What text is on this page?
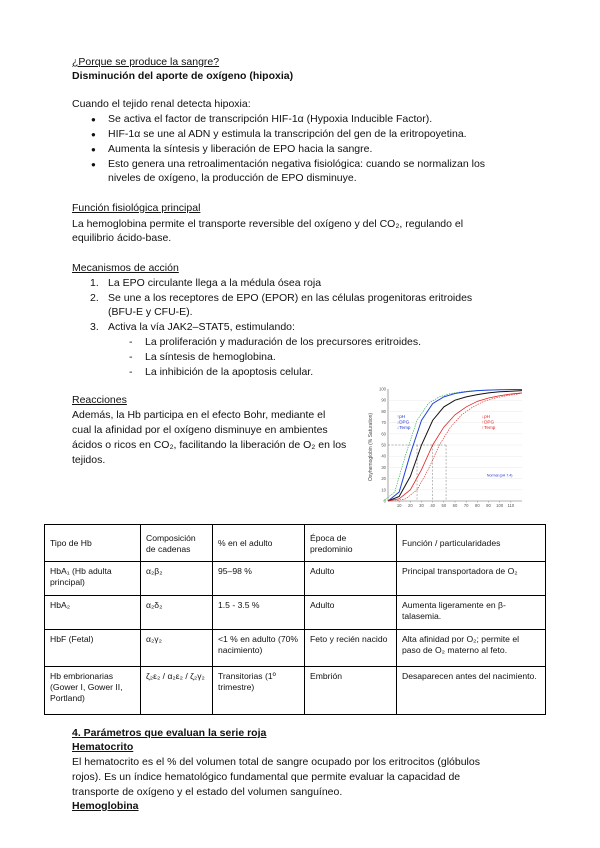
¿Porque se produce la sangre?
Disminución del aporte de oxígeno (hipoxia)
Cuando el tejido renal detecta hipoxia:
● Se activa el factor de transcripción HIF-1α (Hypoxia Inducible Factor).
● HIF-1α se une al ADN y estimula la transcripción del gen de la eritropoyetina.
● Aumenta la síntesis y liberación de EPO hacia la sangre.
● Esto genera una retroalimentación negativa fisiológica: cuando se normalizan los
niveles de oxígeno, la producción de EPO disminuye.
Función fisiológica principal
La hemoglobina permite el transporte reversible del oxígeno y del CO₂, regulando el
equilibrio ácido-base.
Mecanismos de acción
1. La EPO circulante llega a la médula ósea roja
2. Se une a los receptores de EPO (EPOR) en las células progenitoras eritroides
(BFU-E y CFU-E).
3. Activa la vía JAK2–STAT5, estimulando:
- La proliferación y maduración de los precursores eritroides.
- La síntesis de hemoglobina.
- La inhibición de la apoptosis celular.
Reacciones
Además, la Hb participa en el efecto Bohr, mediante el
cual la afinidad por el oxígeno disminuye en ambientes
ácidos o ricos en CO₂, facilitando la liberación de O₂ en los
tejidos.	Oxyhemoglobin (% Saturation)
100
90
80
70
60
50
40
30
20
10
0
10 20 30 40 50 60 70 80 90 100 110
↑pH
↓DPG
↓Temp
↓pH
↑DPG
↑Temp
Normal (pH 7.4)
Tipo de Hb	Composición de cadenas	% en el adulto	Época de predominio	Función / particularidades
HbA₁ (Hb adulta principal)	α₂β₂	95–98 %	Adulto	Principal transportadora de O₂
HbA₂	α₂δ₂	1.5 - 3.5 %	Adulto	Aumenta ligeramente en β-talasemia.
HbF (Fetal)	α₂γ₂	<1 % en adulto (70% nacimiento)	Feto y recién nacido	Alta afinidad por O₂; permite el paso de O₂ materno al feto.
Hb embrionarias (Gower I, Gower II, Portland)	ζ₂ε₂ / α₂ε₂ / ζ₂γ₂	Transitorias (1º trimestre)	Embrión	Desaparecen antes del nacimiento.
4. Parámetros que evaluan la serie roja
Hematocrito
El hematocrito es el % del volumen total de sangre ocupado por los eritrocitos (glóbulos
rojos). Es un índice hematológico fundamental que permite evaluar la capacidad de
transporte de oxígeno y el estado del volumen sanguíneo.
Hemoglobina
